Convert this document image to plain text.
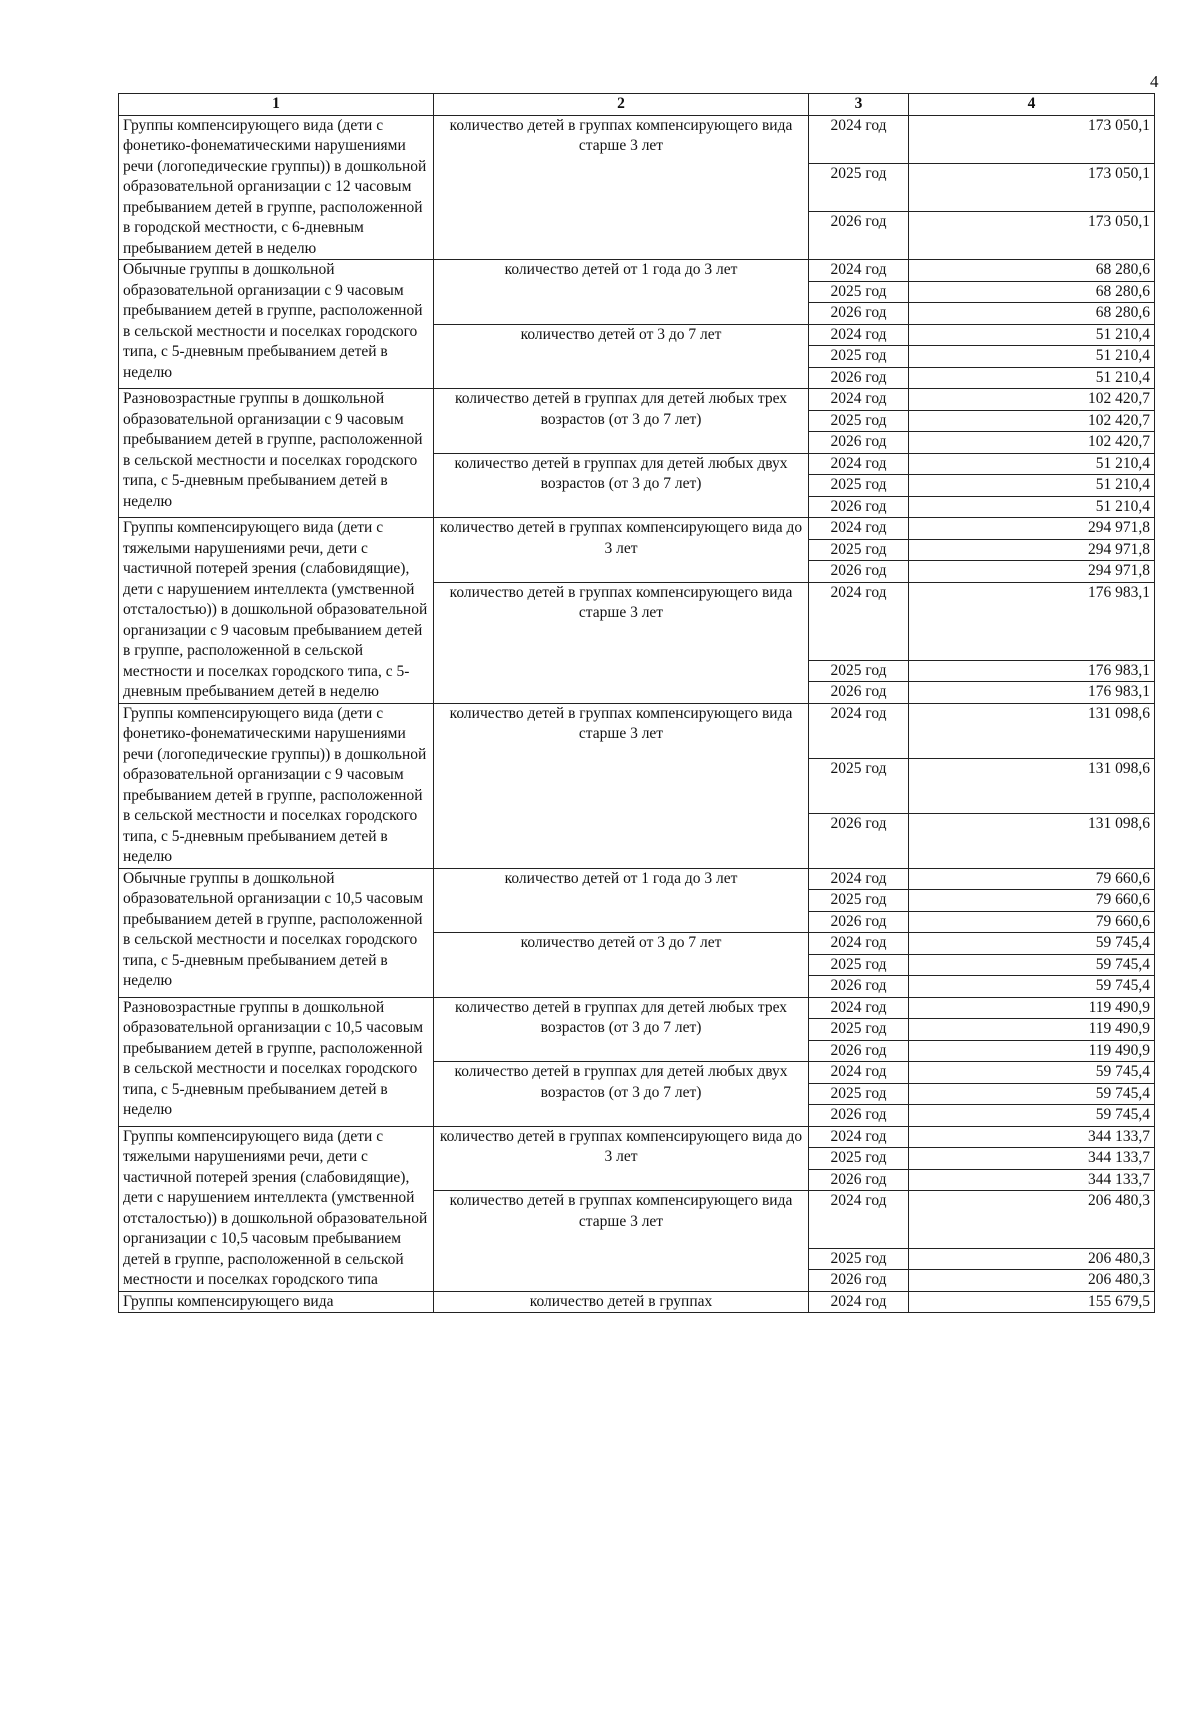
4
1	2	3	4
Группы компенсирующего вида (дети с фонетико-фонематическими нарушениями речи (логопедические группы)) в дошкольной образовательной организации с 12 часовым пребыванием детей в группе, расположенной в городской местности, с 6-дневным пребыванием детей в неделю	количество детей в группах компенсирующего вида старше 3 лет	2024 год	173 050,1
		2025 год	173 050,1
		2026 год	173 050,1
Обычные группы в дошкольной образовательной организации с 9 часовым пребыванием детей в группе, расположенной в сельской местности и поселках городского типа, с 5-дневным пребыванием детей в неделю	количество детей от 1 года до 3 лет	2024 год	68 280,6
		2025 год	68 280,6
		2026 год	68 280,6
	количество детей от 3 до 7 лет	2024 год	51 210,4
		2025 год	51 210,4
		2026 год	51 210,4
Разновозрастные группы в дошкольной образовательной организации с 9 часовым пребыванием детей в группе, расположенной в сельской местности и поселках городского типа, с 5-дневным пребыванием детей в неделю	количество детей в группах для детей любых трех возрастов (от 3 до 7 лет)	2024 год	102 420,7
		2025 год	102 420,7
		2026 год	102 420,7
	количество детей в группах для детей любых двух возрастов (от 3 до 7 лет)	2024 год	51 210,4
		2025 год	51 210,4
		2026 год	51 210,4
Группы компенсирующего вида (дети с тяжелыми нарушениями речи, дети с частичной потерей зрения (слабовидящие), дети с нарушением интеллекта (умственной отсталостью)) в дошкольной образовательной организации с 9 часовым пребыванием детей в группе, расположенной в сельской местности и поселках городского типа, с 5-дневным пребыванием детей в неделю	количество детей в группах компенсирующего вида до 3 лет	2024 год	294 971,8
		2025 год	294 971,8
		2026 год	294 971,8
	количество детей в группах компенсирующего вида старше 3 лет	2024 год	176 983,1
		2025 год	176 983,1
		2026 год	176 983,1
Группы компенсирующего вида (дети с фонетико-фонематическими нарушениями речи (логопедические группы)) в дошкольной образовательной организации с 9 часовым пребыванием детей в группе, расположенной в сельской местности и поселках городского типа, с 5-дневным пребыванием детей в неделю	количество детей в группах компенсирующего вида старше 3 лет	2024 год	131 098,6
		2025 год	131 098,6
		2026 год	131 098,6
Обычные группы в дошкольной образовательной организации с 10,5 часовым пребыванием детей в группе, расположенной в сельской местности и поселках городского типа, с 5-дневным пребыванием детей в неделю	количество детей от 1 года до 3 лет	2024 год	79 660,6
		2025 год	79 660,6
		2026 год	79 660,6
	количество детей от 3 до 7 лет	2024 год	59 745,4
		2025 год	59 745,4
		2026 год	59 745,4
Разновозрастные группы в дошкольной образовательной организации с 10,5 часовым пребыванием детей в группе, расположенной в сельской местности и поселках городского типа, с 5-дневным пребыванием детей в неделю	количество детей в группах для детей любых трех возрастов (от 3 до 7 лет)	2024 год	119 490,9
		2025 год	119 490,9
		2026 год	119 490,9
	количество детей в группах для детей любых двух возрастов (от 3 до 7 лет)	2024 год	59 745,4
		2025 год	59 745,4
		2026 год	59 745,4
Группы компенсирующего вида (дети с тяжелыми нарушениями речи, дети с частичной потерей зрения (слабовидящие), дети с нарушением интеллекта (умственной отсталостью)) в дошкольной образовательной организации с 10,5 часовым пребыванием детей в группе, расположенной в сельской местности и поселках городского типа	количество детей в группах компенсирующего вида до 3 лет	2024 год	344 133,7
		2025 год	344 133,7
		2026 год	344 133,7
	количество детей в группах компенсирующего вида старше 3 лет	2024 год	206 480,3
		2025 год	206 480,3
		2026 год	206 480,3
Группы компенсирующего вида	количество детей в группах	2024 год	155 679,5
